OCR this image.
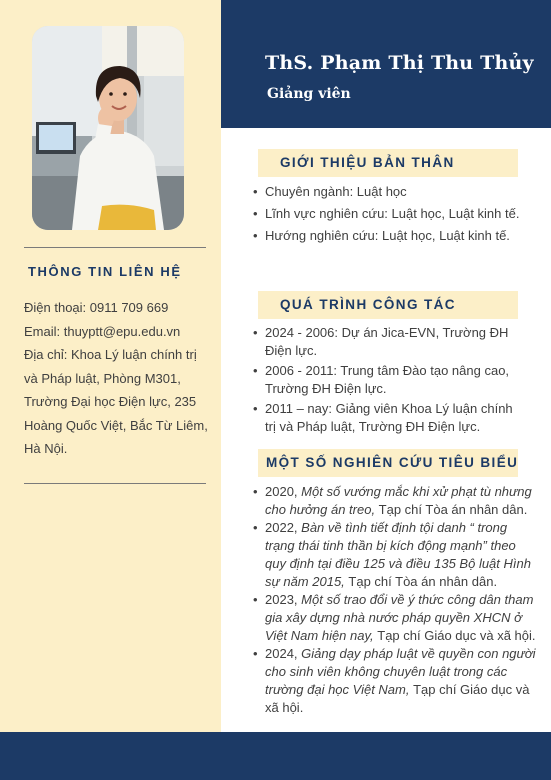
ThS. Phạm Thị Thu Thủy
Giảng viên
THÔNG TIN LIÊN HỆ
Điện thoại: 0911 709 669
Email: thuyptt@epu.edu.vn
Địa chỉ: Khoa Lý luận chính trị
và Pháp luật, Phòng M301,
Trường Đại học Điện lực, 235
Hoàng Quốc Việt, Bắc Từ Liêm,
Hà Nội.
GIỚI THIỆU BẢN THÂN
• Chuyên ngành: Luật học
• Lĩnh vực nghiên cứu: Luật học, Luật kinh tế.
• Hướng nghiên cứu: Luật học, Luật kinh tế.
QUÁ TRÌNH CÔNG TÁC
• 2024 - 2006: Dự án Jica-EVN, Trường ĐH
Điện lực.
• 2006 - 2011: Trung tâm Đào tạo nâng cao,
Trường ĐH Điện lực.
• 2011 – nay: Giảng viên Khoa Lý luận chính
trị và Pháp luật, Trường ĐH Điện lực.
MỘT SỐ NGHIÊN CỨU TIÊU BIỂU
• 2020, Một số vướng mắc khi xử phạt tù nhưng
cho hưởng án treo, Tạp chí Tòa án nhân dân.
• 2022, Bàn về tình tiết định tội danh “ trong
trạng thái tinh thần bị kích động mạnh” theo
quy định tại điều 125 và điều 135 Bộ luật Hình
sự năm 2015, Tạp chí Tòa án nhân dân.
• 2023, Một số trao đổi về ý thức công dân tham
gia xây dựng nhà nước pháp quyền XHCN ở
Việt Nam hiện nay, Tạp chí Giáo dục và xã hội.
• 2024, Giảng dạy pháp luật về quyền con người
cho sinh viên không chuyên luật trong các
trường đại học Việt Nam, Tạp chí Giáo dục và
xã hội.
